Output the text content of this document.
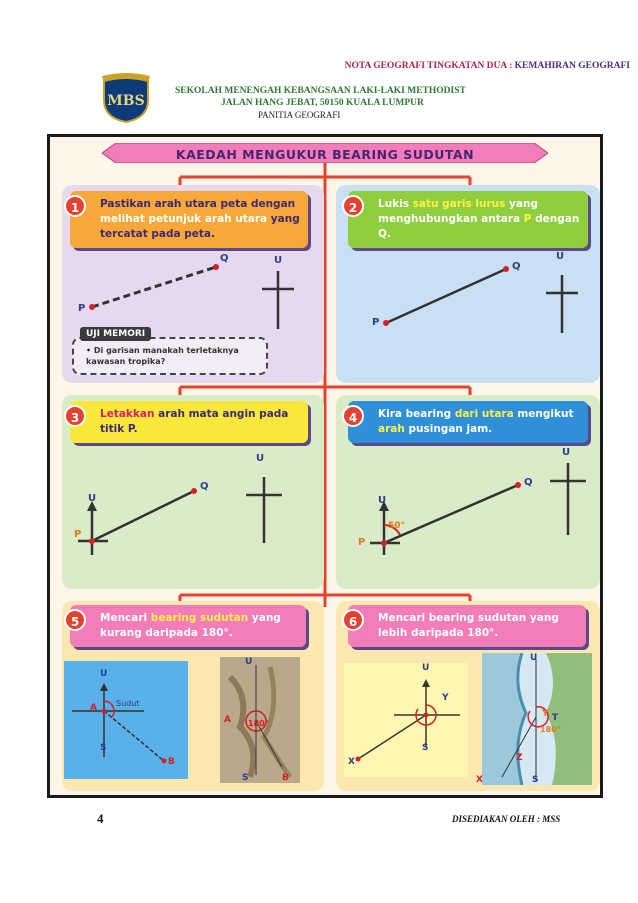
NOTA GEOGRAFI TINGKATAN DUA : KEMAHIRAN GEOGRAFI
MBS
SEKOLAH MENENGAH KEBANGSAAN LAKI-LAKI METHODIST
JALAN HANG JEBAT, 50150 KUALA LUMPUR
PANITIA GEOGRAFI
KAEDAH MENGUKUR BEARING SUDUTAN
Pastikan arah utara peta dengan melihat petunjuk arah utara yang tercatat pada peta.
1
P
Q	U
UJI MEMORI
• Di garisan manakah terletaknya kawasan tropika?
Lukis satu garis lurus yang menghubungkan antara P dengan Q.
2
P
Q
U
Letakkan arah mata angin pada titik P.
3
U
P
Q
U
Kira bearing dari utara mengikut arah pusingan jam.
4
U
50°
P
Q
U
Mencari bearing sudutan yang kurang daripada 180°.
5
U
Sudut
A
S
B
U
A 180°
S	B
Mencari bearing sudutan yang lebih daripada 180°.
6
U
Y
S
X
U
Y T
180°
Z
X	S
4	DISEDIAKAN OLEH : MSS
